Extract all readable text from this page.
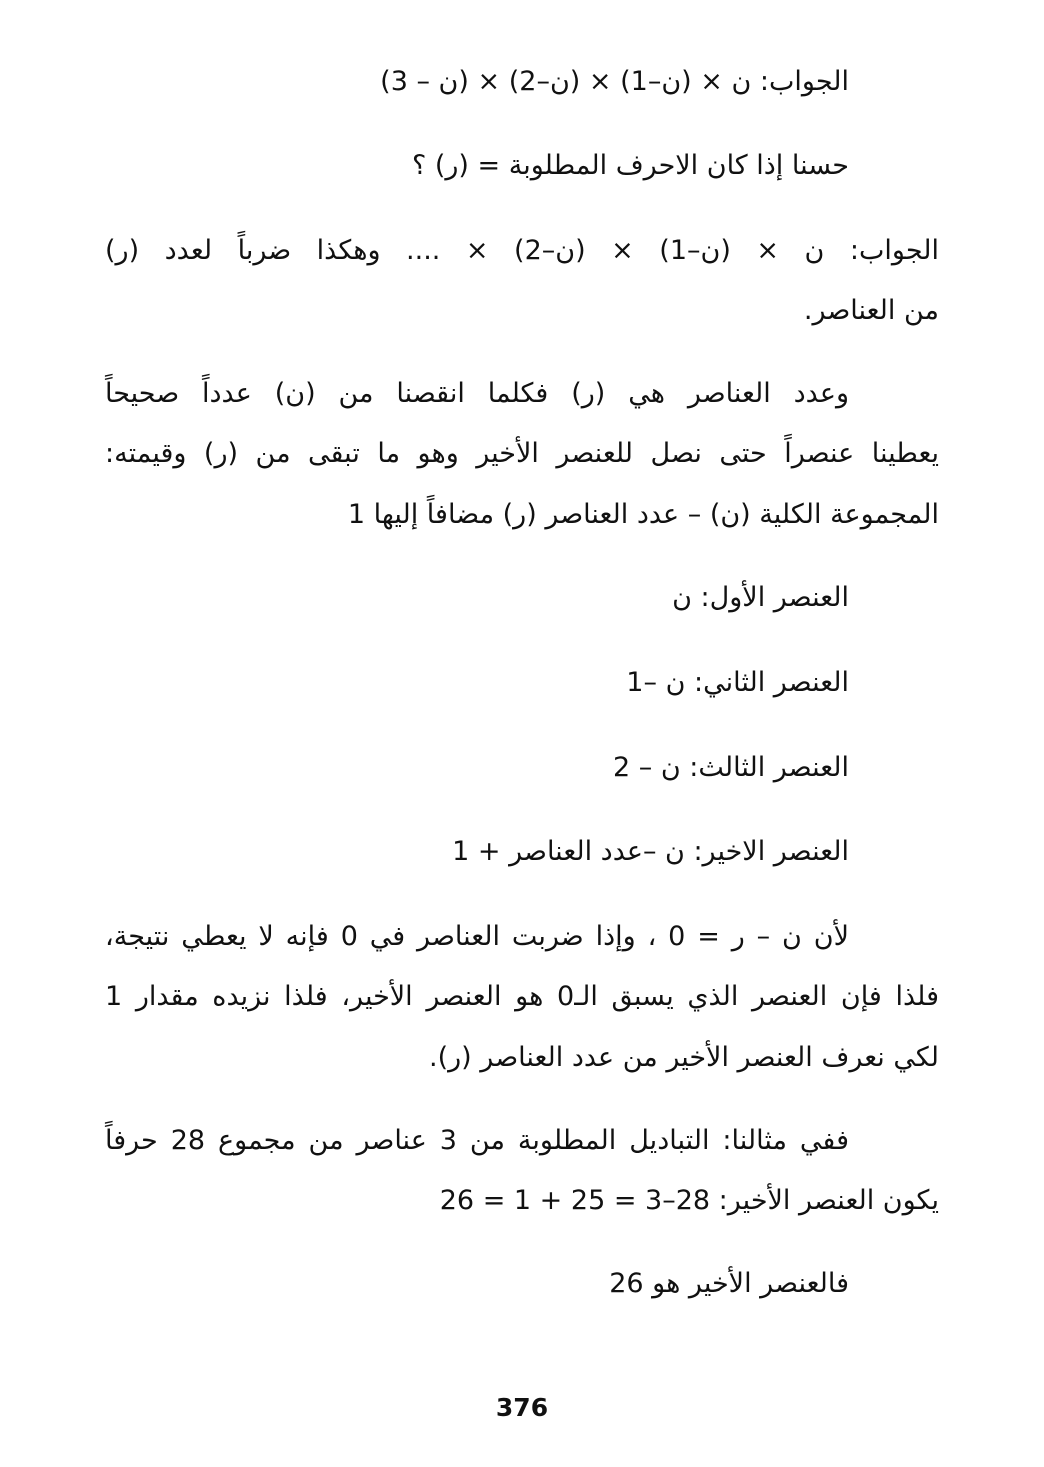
الجواب: ن × (ن–1) × (ن–2) × (ن – 3)
حسنا إذا كان الاحرف المطلوبة = (ر) ؟
الجواب: ن × (ن–1) × (ن–2) × .... وهكذا ضرباً لعدد (ر)
من العناصر.
وعدد العناصر هي (ر) فكلما انقصنا من (ن) عدداً صحيحاً
يعطينا عنصراً حتى نصل للعنصر الأخير وهو ما تبقى من (ر) وقيمته:
المجموعة الكلية (ن) – عدد العناصر (ر) مضافاً إليها 1
العنصر الأول: ن
العنصر الثاني: ن –1
العنصر الثالث: ن – 2
العنصر الاخير: ن –عدد العناصر + 1
لأن ن – ر = 0 ، وإذا ضربت العناصر في 0 فإنه لا يعطي نتيجة،
فلذا فإن العنصر الذي يسبق الـ0 هو العنصر الأخير، فلذا نزيده مقدار 1
لكي نعرف العنصر الأخير من عدد العناصر (ر).
ففي مثالنا: التباديل المطلوبة من 3 عناصر من مجموع 28 حرفاً
يكون العنصر الأخير: 28–3 = 25 + 1 = 26
فالعنصر الأخير هو 26
376
